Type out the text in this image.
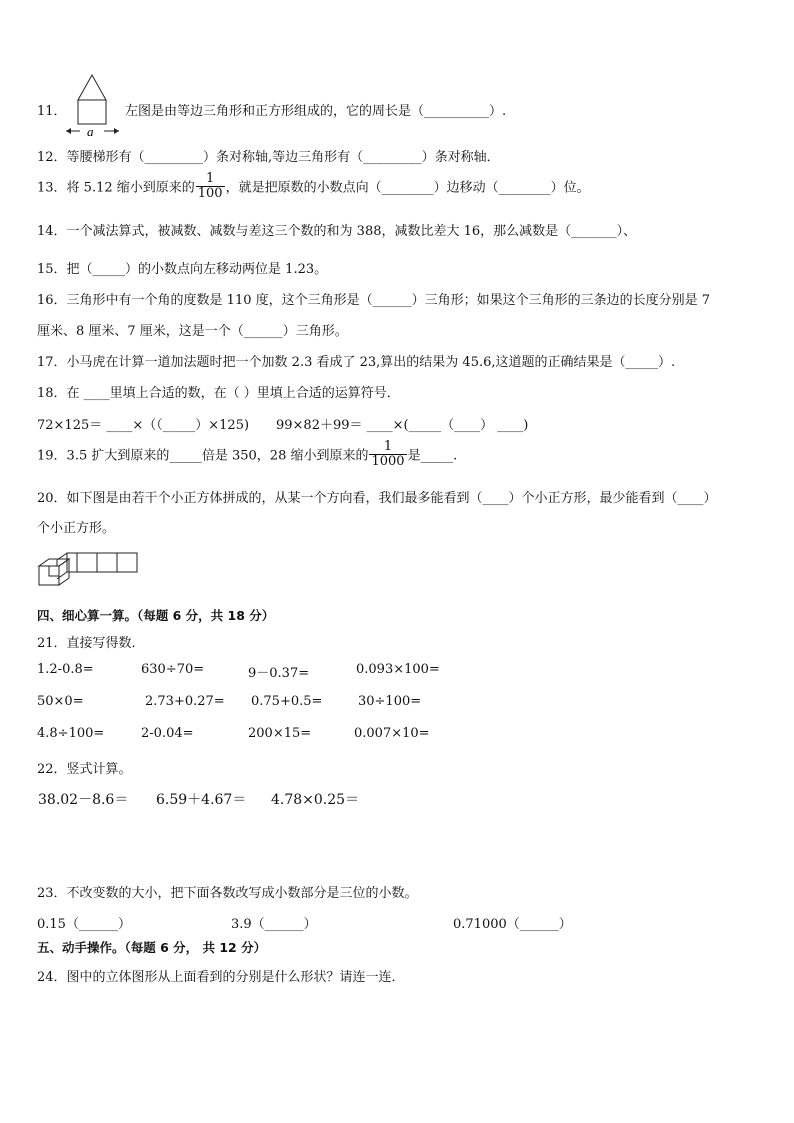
11．
a
左图是由等边三角形和正方形组成的，它的周长是（__________）.
12．等腰梯形有（_________）条对称轴,等边三角形有（_________）条对称轴．
13．将 5.12 缩小到原来的 $\frac{1}{100}$ ，就是把原数的小数点向（________）边移动（________）位。
14．一个减法算式，被减数、减数与差这三个数的和为 388，减数比差大 16，那么减数是（_______）、
15．把（_____）的小数点向左移动两位是 1.23。
16．三角形中有一个角的度数是 110 度，这个三角形是（______）三角形；如果这个三角形的三条边的长度分别是 7
厘米、8 厘米、7 厘米，这是一个（______）三角形。
17．小马虎在计算一道加法题时把一个加数 2.3 看成了 23,算出的结果为 45.6,这道题的正确结果是（_____）.
18．在 ____里填上合适的数，在（ ）里填上合适的运算符号．
72×125＝ ____×（（_____）×125) 99×82＋99＝ ____×(_____（____） ____)
19．3.5 扩大到原来的_____倍是 350，28 缩小到原来的 $\frac{1}{1000}$ 是_____.
20．如下图是由若干个小正方体拼成的，从某一个方向看，我们最多能看到（____）个小正方形，最少能看到（____）
个小正方形。
四、细心算一算。（每题 6 分，共 18 分）
21．直接写得数．
1.2-0.8=	630÷70=	9－0.37=	0.093×100=
50×0=	2.73+0.27= 0.75+0.5=	30÷100=
4.8÷100=	2-0.04=	200×15=	0.007×10=
22．竖式计算。
38.02－8.6＝ 6.59＋4.67＝ 4.78×0.25＝
23．不改变数的大小，把下面各数改写成小数部分是三位的小数。
0.15（______）	3.9（______）	0.71000（______）
五、动手操作。（每题 6 分， 共 12 分）
24．图中的立体图形从上面看到的分别是什么形状？请连一连．
